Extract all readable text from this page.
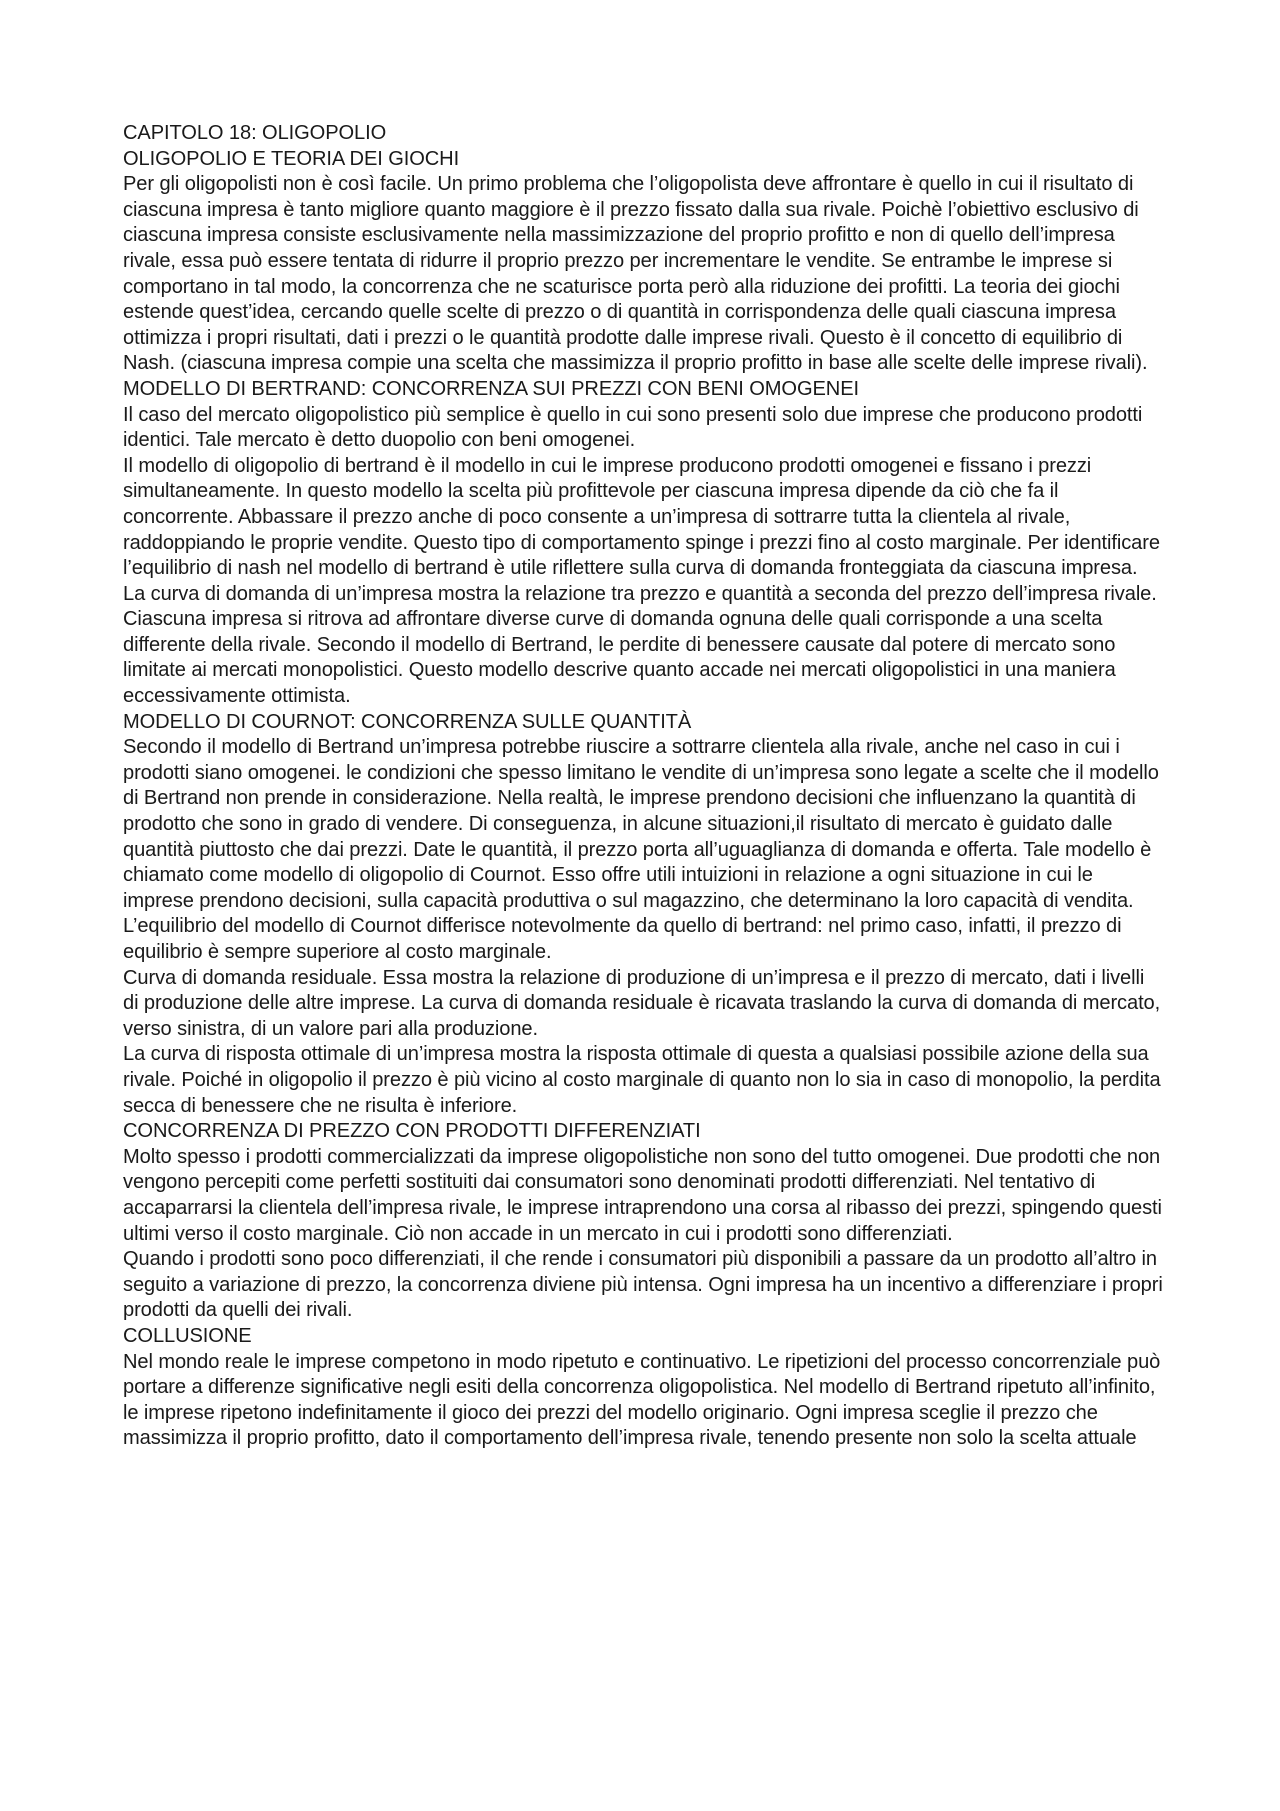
CAPITOLO 18: OLIGOPOLIO
OLIGOPOLIO E TEORIA DEI GIOCHI

Per gli oligopolisti non è così facile. Un primo problema che l’oligopolista deve affrontare è quello in cui il risultato di ciascuna impresa è tanto migliore quanto maggiore è il prezzo fissato dalla sua rivale. Poichè l’obiettivo esclusivo di ciascuna impresa consiste esclusivamente nella massimizzazione del proprio profitto e non di quello dell’impresa rivale, essa può essere tentata di ridurre il proprio prezzo per incrementare le vendite. Se entrambe le imprese si comportano in tal modo, la concorrenza che ne scaturisce porta però alla riduzione dei profitti. La teoria dei giochi estende quest’idea, cercando quelle scelte di prezzo o di quantità in corrispondenza delle quali ciascuna impresa ottimizza i propri risultati, dati i prezzi o le quantità prodotte dalle imprese rivali. Questo è il concetto di equilibrio di Nash. (ciascuna impresa compie una scelta che massimizza il proprio profitto in base alle scelte delle imprese rivali).

MODELLO DI BERTRAND: CONCORRENZA SUI PREZZI CON BENI OMOGENEI

Il caso del mercato oligopolistico più semplice è quello in cui sono presenti solo due imprese che producono prodotti identici. Tale mercato è detto duopolio con beni omogenei.

Il modello di oligopolio di bertrand è il modello in cui le imprese producono prodotti omogenei e fissano i prezzi simultaneamente. In questo modello la scelta più profittevole per ciascuna impresa dipende da ciò che fa il concorrente. Abbassare il prezzo anche di poco consente a un’impresa di sottrarre tutta la clientela al rivale, raddoppiando le proprie vendite. Questo tipo di comportamento spinge i prezzi fino al costo marginale. Per identificare l’equilibrio di nash nel modello di bertrand è utile riflettere sulla curva di domanda fronteggiata da ciascuna impresa. La curva di domanda di un’impresa mostra la relazione tra prezzo e quantità a seconda del prezzo dell’impresa rivale. Ciascuna impresa si ritrova ad affrontare diverse curve di domanda ognuna delle quali corrisponde a una scelta differente della rivale. Secondo il modello di Bertrand, le perdite di benessere causate dal potere di mercato sono limitate ai mercati monopolistici. Questo modello descrive quanto accade nei mercati oligopolistici in una maniera eccessivamente ottimista.

MODELLO DI COURNOT: CONCORRENZA SULLE QUANTITÀ

Secondo il modello di Bertrand un’impresa potrebbe riuscire a sottrarre clientela alla rivale, anche nel caso in cui i prodotti siano omogenei. le condizioni che spesso limitano le vendite di un’impresa sono legate a scelte che il modello di Bertrand non prende in considerazione. Nella realtà, le imprese prendono decisioni che influenzano la quantità di prodotto che sono in grado di vendere. Di conseguenza, in alcune situazioni,il risultato di mercato è guidato dalle quantità piuttosto che dai prezzi. Date le quantità, il prezzo porta all’uguaglianza di domanda e offerta. Tale modello è chiamato come modello di oligopolio di Cournot. Esso offre utili intuizioni in relazione a ogni situazione in cui le imprese prendono decisioni, sulla capacità produttiva o sul magazzino, che determinano la loro capacità di vendita. L’equilibrio del modello di Cournot differisce notevolmente da quello di bertrand: nel primo caso, infatti, il prezzo di equilibrio è sempre superiore al costo marginale.

Curva di domanda residuale. Essa mostra la relazione di produzione di un’impresa e il prezzo di mercato, dati i livelli di produzione delle altre imprese. La curva di domanda residuale è ricavata traslando la curva di domanda di mercato, verso sinistra, di un valore pari alla produzione.

La curva di risposta ottimale di un’impresa mostra la risposta ottimale di questa a qualsiasi possibile azione della sua rivale. Poiché in oligopolio il prezzo è più vicino al costo marginale di quanto non lo sia in caso di monopolio, la perdita secca di benessere che ne risulta è inferiore.

CONCORRENZA DI PREZZO CON PRODOTTI DIFFERENZIATI

Molto spesso i prodotti commercializzati da imprese oligopolistiche non sono del tutto omogenei. Due prodotti che non vengono percepiti come perfetti sostituiti dai consumatori sono denominati prodotti differenziati. Nel tentativo di accaparrarsi la clientela dell’impresa rivale, le imprese intraprendono una corsa al ribasso dei prezzi, spingendo questi ultimi verso il costo marginale. Ciò non accade in un mercato in cui i prodotti sono differenziati.

Quando i prodotti sono poco differenziati, il che rende i consumatori più disponibili a passare da un prodotto all’altro in seguito a variazione di prezzo, la concorrenza diviene più intensa. Ogni impresa ha un incentivo a differenziare i propri prodotti da quelli dei rivali.

COLLUSIONE

Nel mondo reale le imprese competono in modo ripetuto e continuativo. Le ripetizioni del processo concorrenziale può portare a differenze significative negli esiti della concorrenza oligopolistica. Nel modello di Bertrand ripetuto all’infinito, le imprese ripetono indefinitamente il gioco dei prezzi del modello originario. Ogni impresa sceglie il prezzo che massimizza il proprio profitto, dato il comportamento dell’impresa rivale, tenendo presente non solo la scelta attuale
